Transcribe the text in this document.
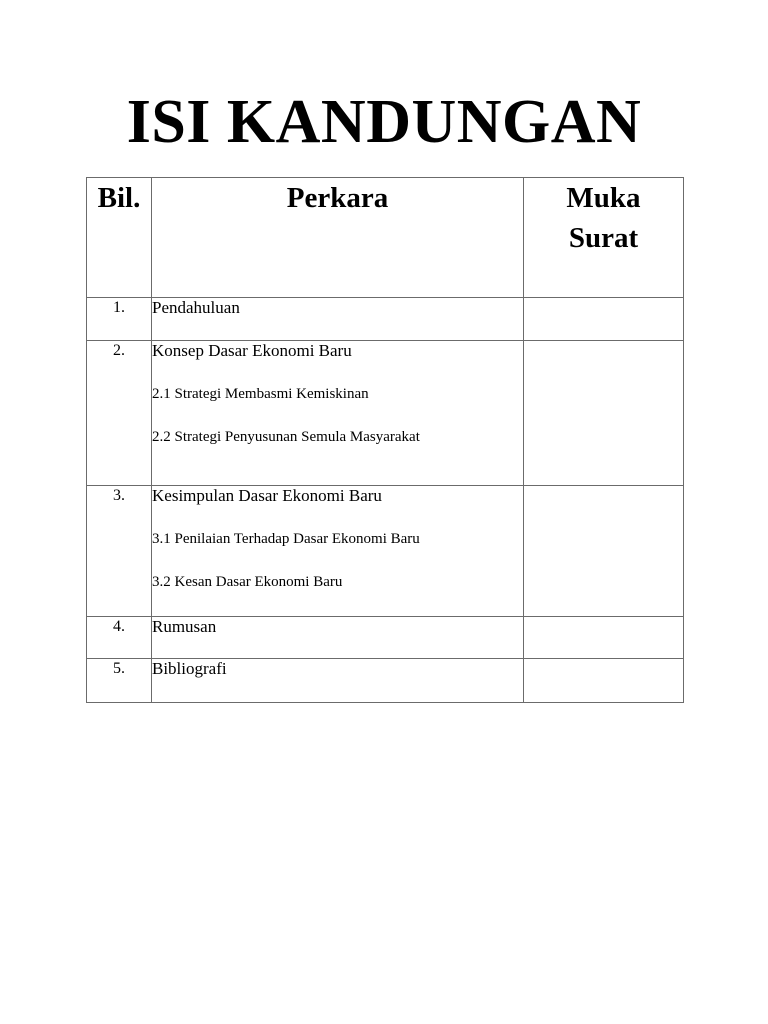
ISI KANDUNGAN
Bil.	Perkara	Muka
Surat
1.	Pendahuluan	

2.	Konsep Dasar Ekonomi Baru
2.1 Strategi Membasmi Kemiskinan
2.2 Strategi Penyusunan Semula Masyarakat	

3.	Kesimpulan Dasar Ekonomi Baru
3.1 Penilaian Terhadap Dasar Ekonomi Baru
3.2 Kesan Dasar Ekonomi Baru	

4.	Rumusan	

5.	Bibliografi	
